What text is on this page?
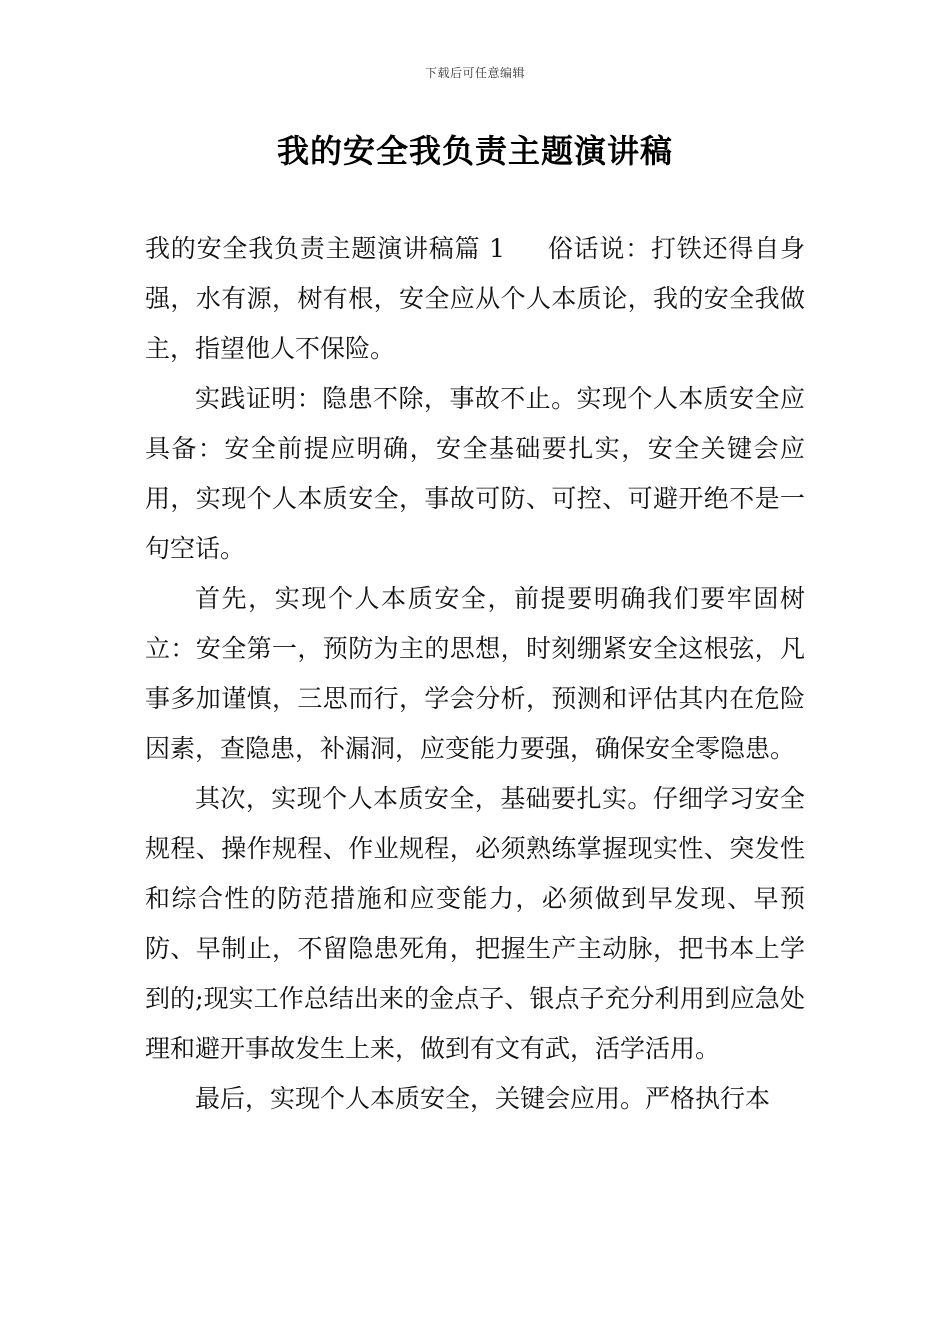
下载后可任意编辑
我的安全我负责主题演讲稿

我的安全我负责主题演讲稿篇 1 俗话说：打铁还得自身强，水有源，树有根，安全应从个人本质论，我的安全我做主，指望他人不保险。

实践证明：隐患不除，事故不止。实现个人本质安全应具备：安全前提应明确，安全基础要扎实，安全关键会应用，实现个人本质安全，事故可防、可控、可避开绝不是一句空话。

首先，实现个人本质安全，前提要明确我们要牢固树立：安全第一，预防为主的思想，时刻绷紧安全这根弦，凡事多加谨慎，三思而行，学会分析，预测和评估其内在危险因素，查隐患，补漏洞，应变能力要强，确保安全零隐患。

其次，实现个人本质安全，基础要扎实。仔细学习安全规程、操作规程、作业规程，必须熟练掌握现实性、突发性和综合性的防范措施和应变能力，必须做到早发现、早预防、早制止，不留隐患死角，把握生产主动脉，把书本上学到的;现实工作总结出来的金点子、银点子充分利用到应急处理和避开事故发生上来，做到有文有武，活学活用。

最后，实现个人本质安全，关键会应用。严格执行本
